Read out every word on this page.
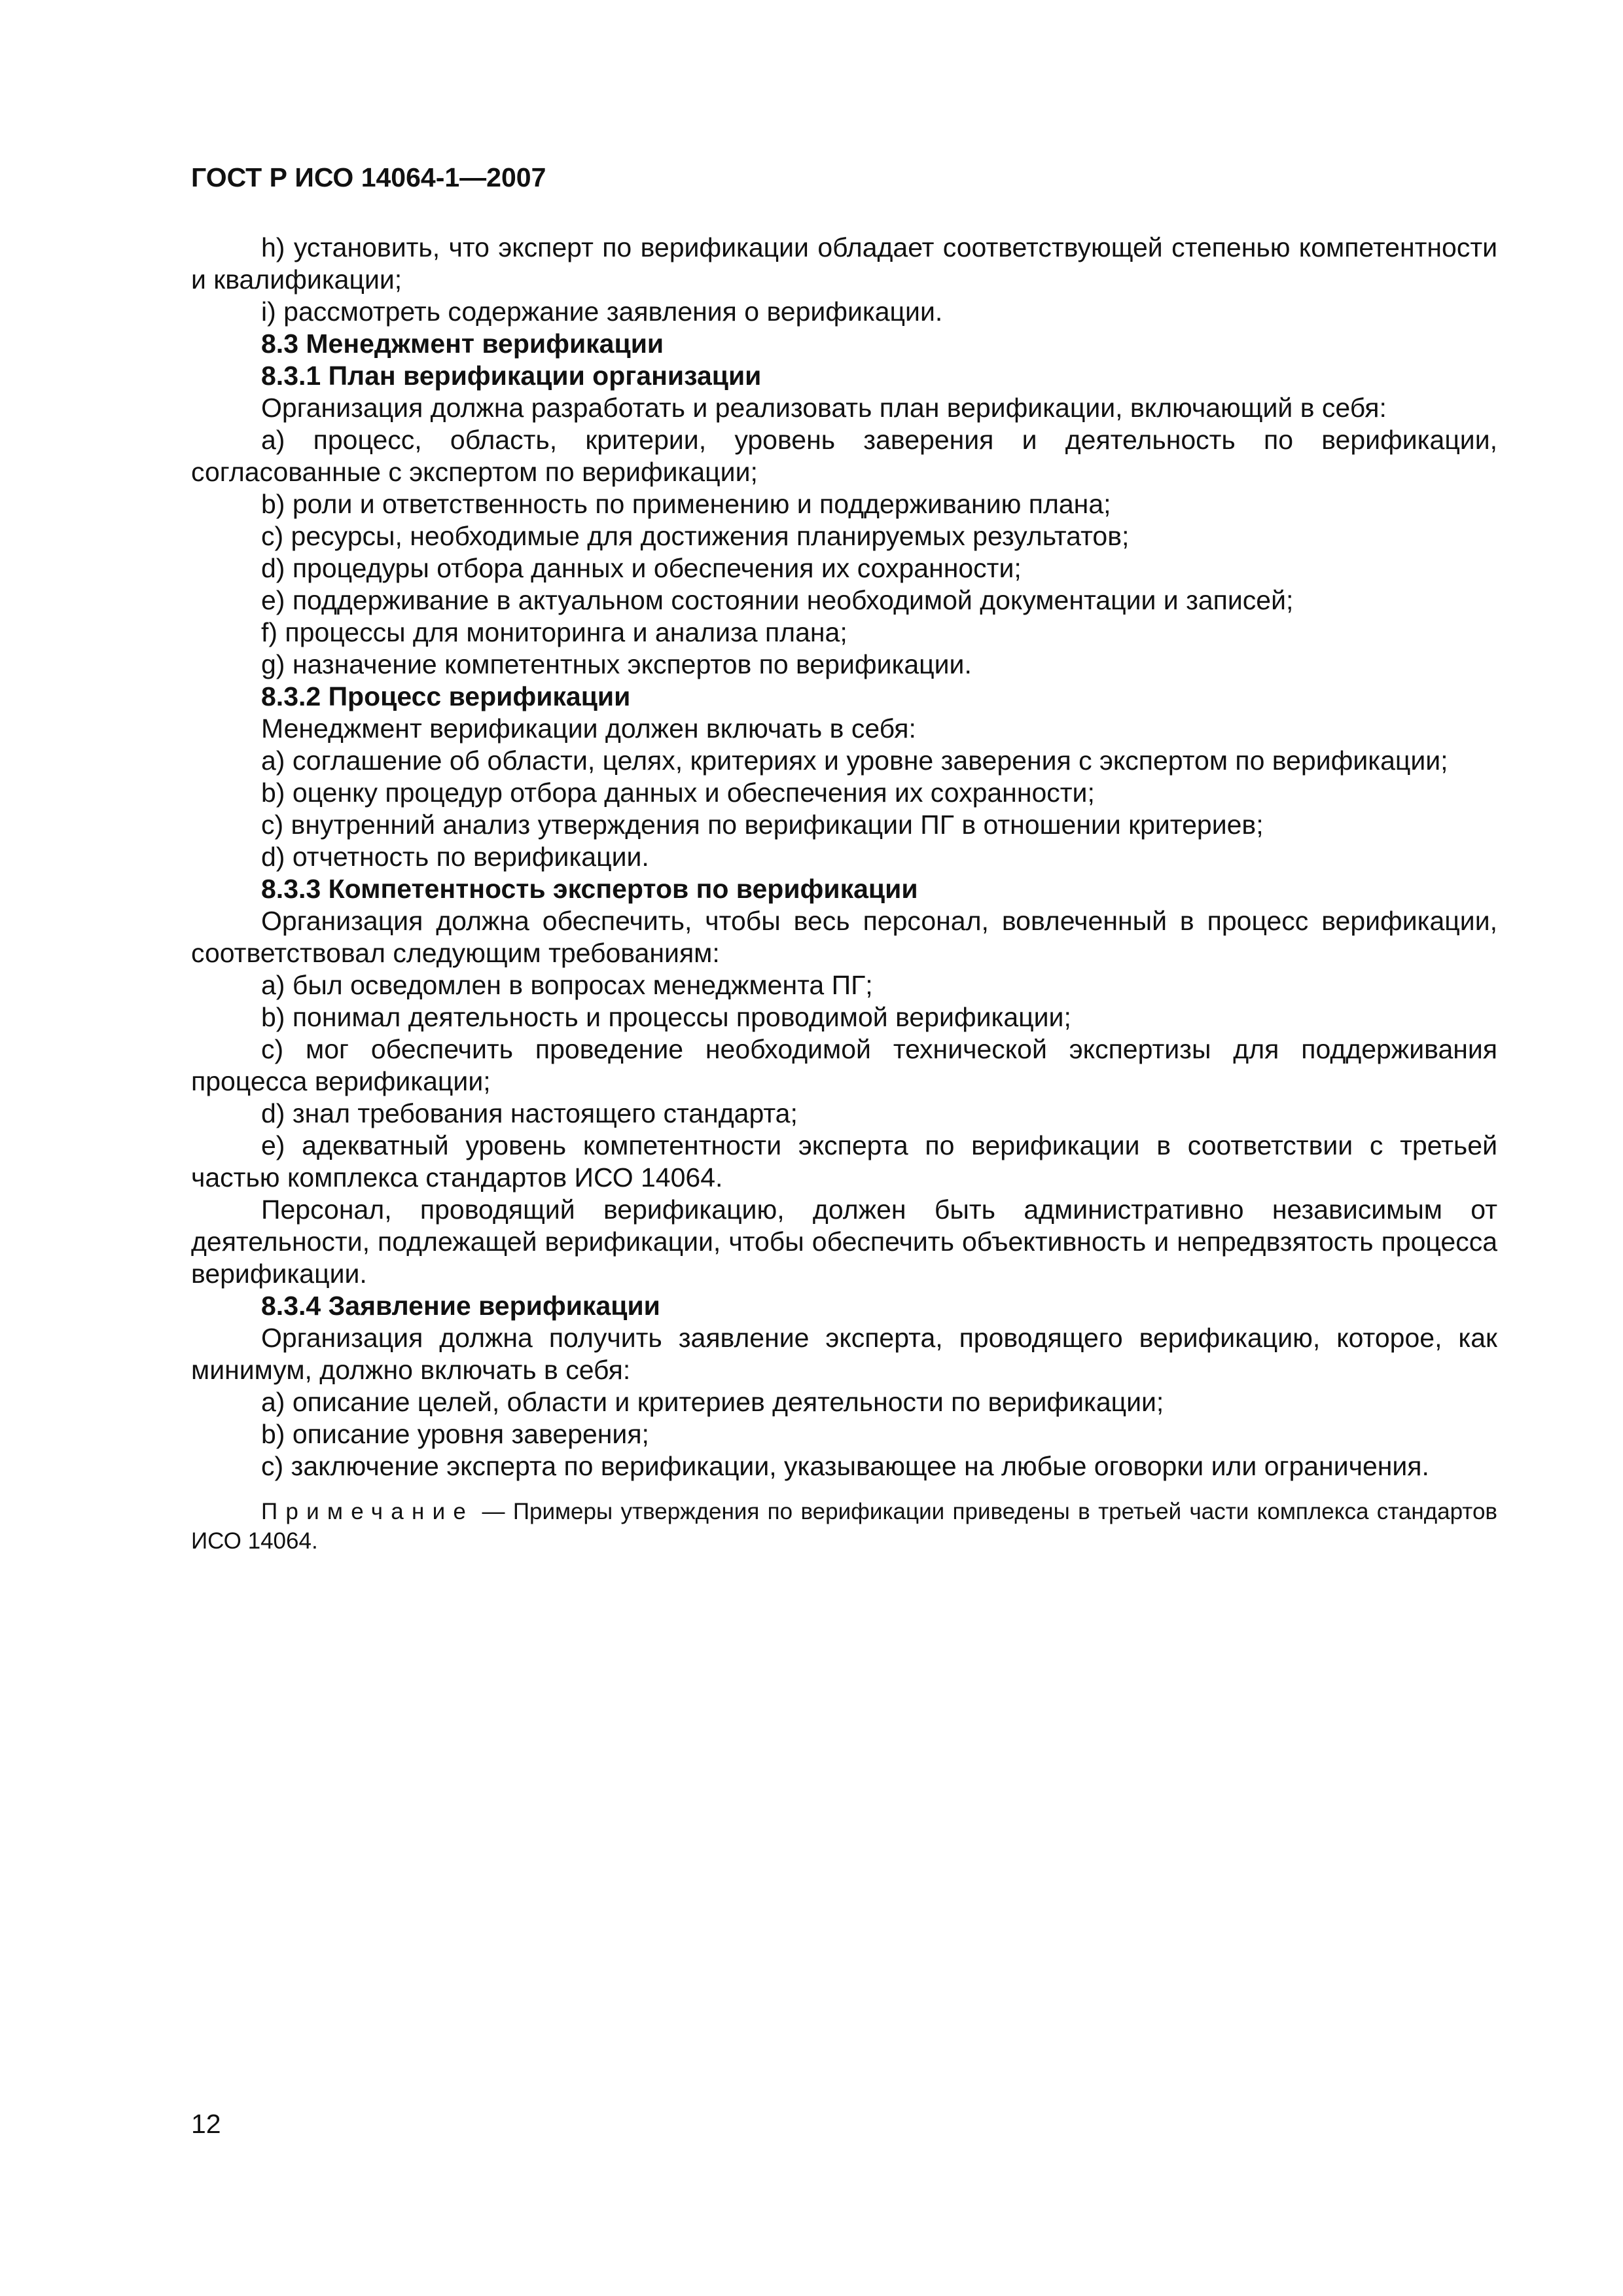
ГОСТ Р ИСО 14064-1—2007

h) установить, что эксперт по верификации обладает соответствующей степенью компетентности и квалификации;

i) рассмотреть содержание заявления о верификации.

8.3 Менеджмент верификации

8.3.1 План верификации организации

Организация должна разработать и реализовать план верификации, включающий в себя:

a) процесс, область, критерии, уровень заверения и деятельность по верификации, согласованные с экспертом по верификации;

b) роли и ответственность по применению и поддерживанию плана;

c) ресурсы, необходимые для достижения планируемых результатов;

d) процедуры отбора данных и обеспечения их сохранности;

e) поддерживание в актуальном состоянии необходимой документации и записей;

f) процессы для мониторинга и анализа плана;

g) назначение компетентных экспертов по верификации.

8.3.2 Процесс верификации

Менеджмент верификации должен включать в себя:

a) соглашение об области, целях, критериях и уровне заверения с экспертом по верификации;

b) оценку процедур отбора данных и обеспечения их сохранности;

c) внутренний анализ утверждения по верификации ПГ в отношении критериев;

d) отчетность по верификации.

8.3.3 Компетентность экспертов по верификации

Организация должна обеспечить, чтобы весь персонал, вовлеченный в процесс верификации, соответствовал следующим требованиям:

a) был осведомлен в вопросах менеджмента ПГ;

b) понимал деятельность и процессы проводимой верификации;

c) мог обеспечить проведение необходимой технической экспертизы для поддерживания процесса верификации;

d) знал требования настоящего стандарта;

e) адекватный уровень компетентности эксперта по верификации в соответствии с третьей частью комплекса стандартов ИСО 14064.

Персонал, проводящий верификацию, должен быть административно независимым от деятельности, подлежащей верификации, чтобы обеспечить объективность и непредвзятость процесса верификации.

8.3.4 Заявление верификации

Организация должна получить заявление эксперта, проводящего верификацию, которое, как минимум, должно включать в себя:

a) описание целей, области и критериев деятельности по верификации;

b) описание уровня заверения;

c) заключение эксперта по верификации, указывающее на любые оговорки или ограничения.

Примечание — Примеры утверждения по верификации приведены в третьей части комплекса стандартов ИСО 14064.

12
